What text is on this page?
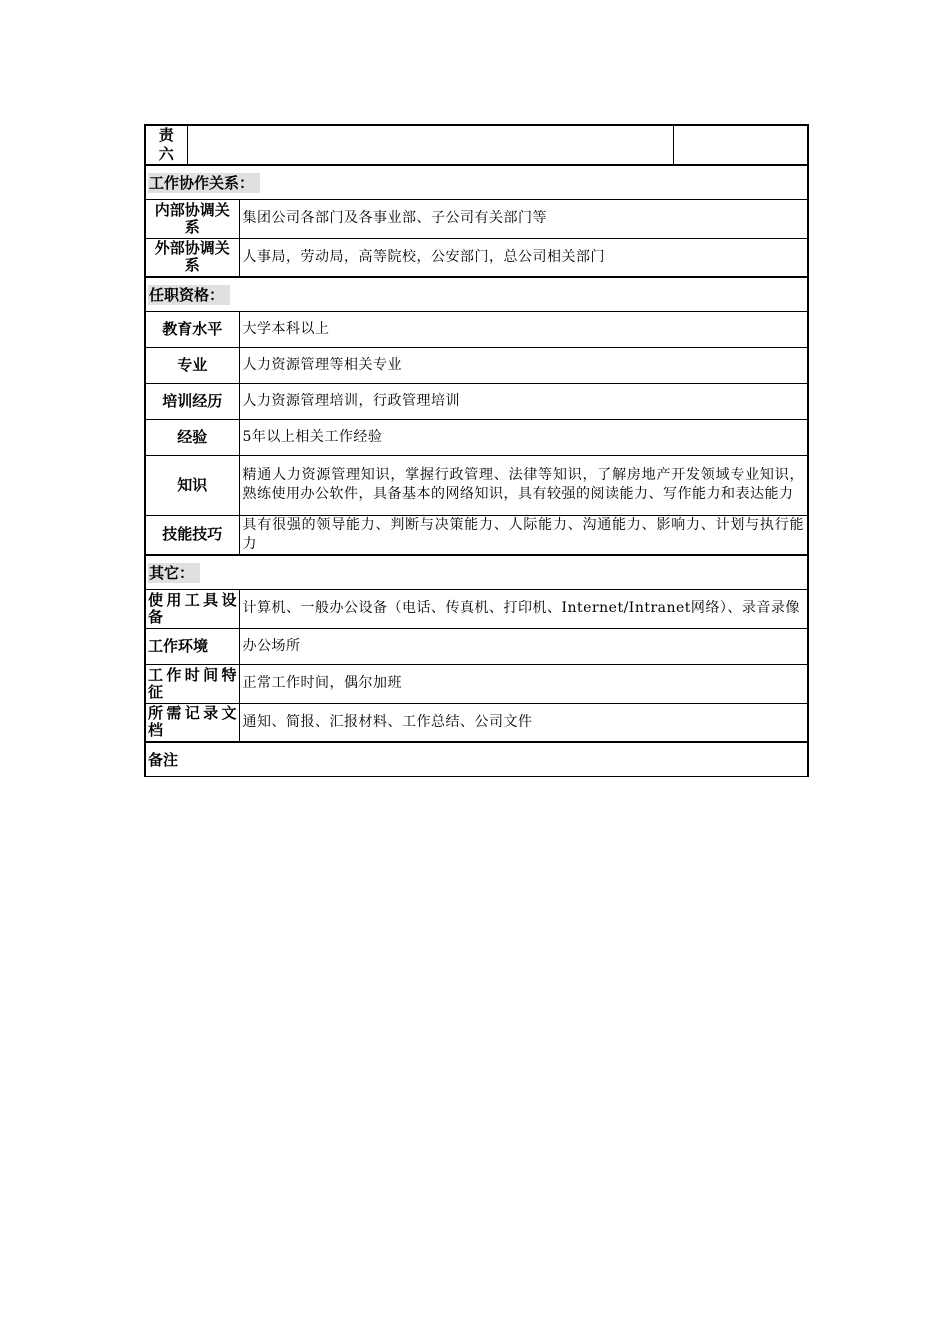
责
六			

工作协作关系：			
内部协调关系		集团公司各部门及各事业部、子公司有关部门等	
外部协调关系		人事局，劳动局，高等院校，公安部门，总公司相关部门	
任职资格：			
教育水平		大学本科以上	
专业		人力资源管理等相关专业	
培训经历		人力资源管理培训，行政管理培训	
经验		5年以上相关工作经验	
知识		精通人力资源管理知识，掌握行政管理、法律等知识，了解房地产开发领域专业知识，熟练使用办公软件，具备基本的网络知识，具有较强的阅读能力、写作能力和表达能力	
技能技巧		具有很强的领导能力、判断与决策能力、人际能力、沟通能力、影响力、计划与执行能力	
其它：			
使用工具设备		计算机、一般办公设备（电话、传真机、打印机、Internet/Intranet网络）、录音录像	
工作环境		办公场所	
工作时间特征		正常工作时间，偶尔加班	
所需记录文档		通知、简报、汇报材料、工作总结、公司文件	
备注			
